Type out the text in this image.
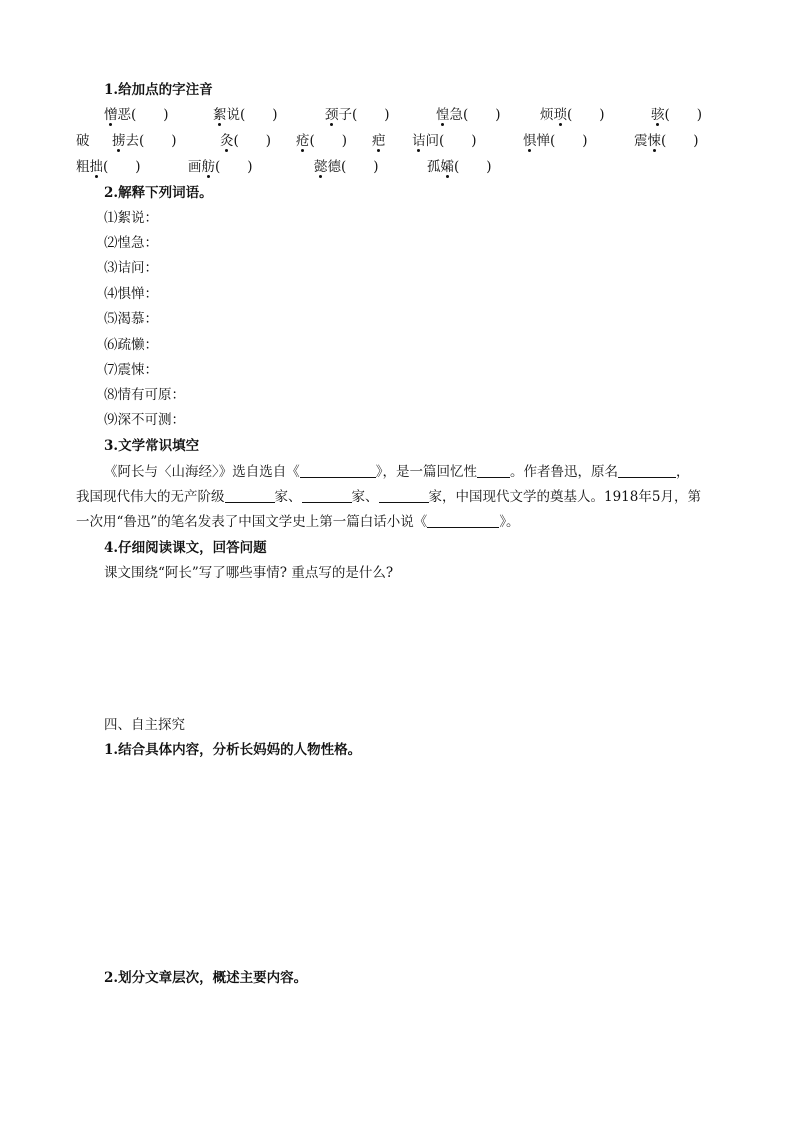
1.给加点的字注音
憎恶(　　)	絮说(　　)	颈子(　　)	惶急(　　)	烦琐(　　)	骇(　　)
破 掳去(　　)	灸(　　) 疮(　　) 疤 诘问(　　)	惧惮(　　)	震悚(　　)
粗拙(　　)	画舫(　　)	懿德(　　)	孤孀(　　)
2.解释下列词语。
⑴絮说：
⑵惶急：
⑶诘问：
⑷惧惮：
⑸渴慕：
⑹疏懒：
⑺震悚：
⑻情有可原：
⑼深不可测：
3.文学常识填空
《阿长与〈山海经〉》选自选自《	》，是一篇回忆性 。作者鲁迅，原名	，
我国现代伟大的无产阶级	家、	家、	家，中国现代文学的奠基人。1918年5月，第
一次用“鲁迅”的笔名发表了中国文学史上第一篇白话小说《	》。
4.仔细阅读课文，回答问题
课文围绕“阿长”写了哪些事情? 重点写的是什么?
四、自主探究
1.结合具体内容，分析长妈妈的人物性格。
2.划分文章层次，概述主要内容。
